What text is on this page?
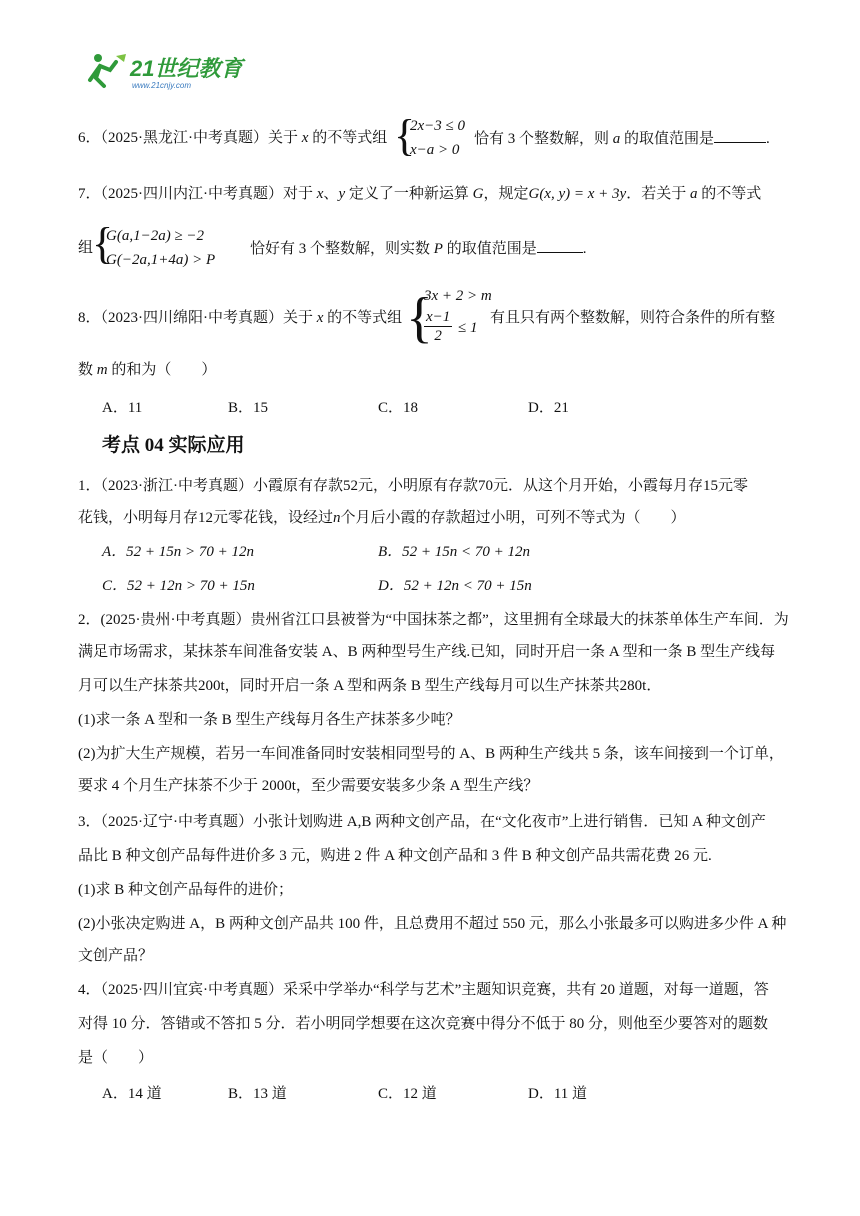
21世纪教育
www.21cnjy.com
6．（2025·黑龙江·中考真题）关于 x 的不等式组 {
2x−3 ≤ 0
x−a > 0
恰有 3 个整数解，则 a 的取值范围是	.
7．（2025·四川内江·中考真题）对于 x、y 定义了一种新运算 G，规定G(x, y) = x + 3y．若关于 a 的不等式
组
{
G(a,1−2a) ≥ −2
G(−2a,1+4a) > P
恰好有 3 个整数解，则实数 P 的取值范围是	.
8．（2023·四川绵阳·中考真题）关于 x 的不等式组 {
3x + 2 > m
$\frac{x-1}{2} \le 1$
有且只有两个整数解，则符合条件的所有整
数 m 的和为（　　）
A．11	B．15	C．18	D．21
考点 04 实际应用
1．（2023·浙江·中考真题）小霞原有存款52元，小明原有存款70元．从这个月开始，小霞每月存15元零
花钱，小明每月存12元零花钱，设经过n个月后小霞的存款超过小明，可列不等式为（　　）
A．52 + 15n > 70 + 12n	B．52 + 15n < 70 + 12n
C．52 + 12n > 70 + 15n	D．52 + 12n < 70 + 15n
2．(2025·贵州·中考真题）贵州省江口县被誉为“中国抹茶之都”，这里拥有全球最大的抹茶单体生产车间．为
满足市场需求，某抹茶车间准备安装 A、B 两种型号生产线.已知，同时开启一条 A 型和一条 B 型生产线每
月可以生产抹茶共200t，同时开启一条 A 型和两条 B 型生产线每月可以生产抹茶共280t．
(1)求一条 A 型和一条 B 型生产线每月各生产抹茶多少吨？
(2)为扩大生产规模，若另一车间准备同时安装相同型号的 A、B 两种生产线共 5 条，该车间接到一个订单，
要求 4 个月生产抹茶不少于 2000t，至少需要安装多少条 A 型生产线？
3．（2025·辽宁·中考真题）小张计划购进 A,B 两种文创产品，在“文化夜市”上进行销售．已知 A 种文创产
品比 B 种文创产品每件进价多 3 元，购进 2 件 A 种文创产品和 3 件 B 种文创产品共需花费 26 元.
(1)求 B 种文创产品每件的进价；
(2)小张决定购进 A，B 两种文创产品共 100 件，且总费用不超过 550 元，那么小张最多可以购进多少件 A 种
文创产品？
4．（2025·四川宜宾·中考真题）采采中学举办“科学与艺术”主题知识竞赛，共有 20 道题，对每一道题，答
对得 10 分．答错或不答扣 5 分．若小明同学想要在这次竞赛中得分不低于 80 分，则他至少要答对的题数
是（　　）
A．14 道	B．13 道	C．12 道	D．11 道
